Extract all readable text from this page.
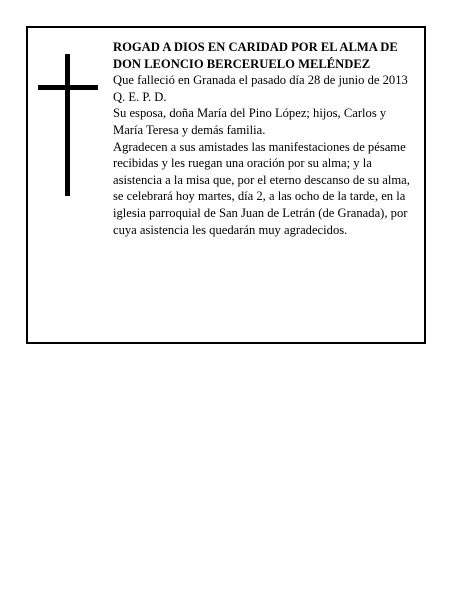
ROGAD A DIOS EN CARIDAD POR EL ALMA DE

DON LEONCIO BERCERUELO MELÉNDEZ

Que falleció en Granada el pasado día 28 de junio de 2013

Q. E. P. D.

Su esposa, doña María del Pino López; hijos, Carlos y María Teresa y demás familia.

Agradecen a sus amistades las manifestaciones de pésame recibidas y les ruegan una oración por su alma; y la asistencia a la misa que, por el eterno descanso de su alma, se celebrará hoy martes, día 2, a las ocho de la tarde, en la iglesia parroquial de San Juan de Letrán (de Granada), por cuya asistencia les quedarán muy agradecidos.
